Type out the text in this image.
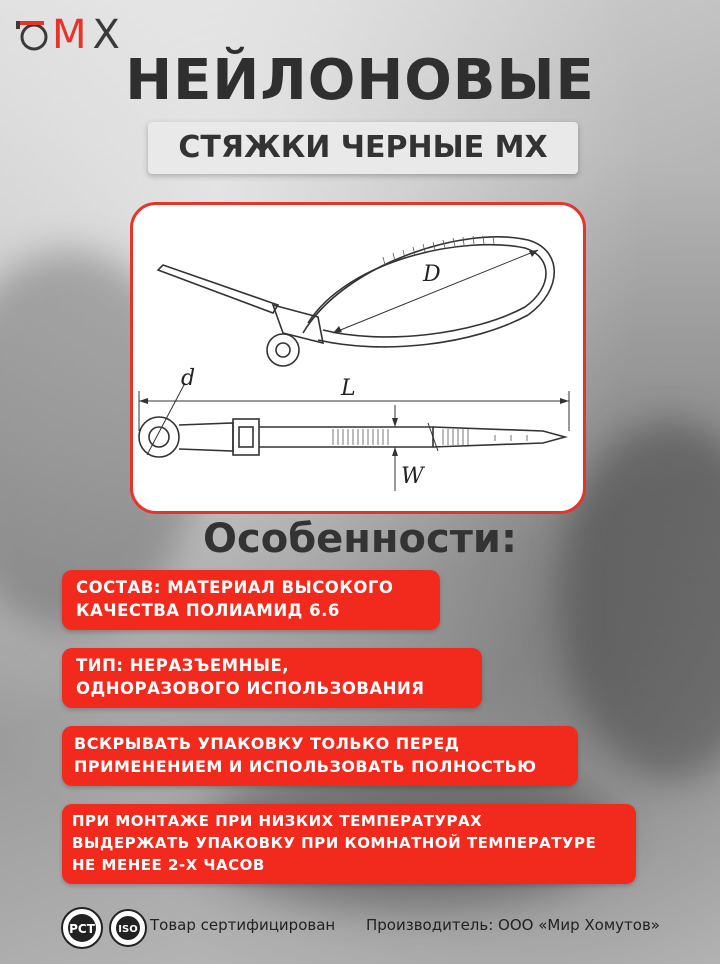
MX
НЕЙЛОНОВЫЕ
СТЯЖКИ ЧЕРНЫЕ МХ
D
d	L
W
Особенности:
СОСТАВ: МАТЕРИАЛ ВЫСОКОГО
КАЧЕСТВА ПОЛИАМИД 6.6
ТИП: НЕРАЗЪЕМНЫЕ,
ОДНОРАЗОВОГО ИСПОЛЬЗОВАНИЯ
ВСКРЫВАТЬ УПАКОВКУ ТОЛЬКО ПЕРЕД
ПРИМЕНЕНИЕМ И ИСПОЛЬЗОВАТЬ ПОЛНОСТЬЮ
ПРИ МОНТАЖЕ ПРИ НИЗКИХ ТЕМПЕРАТУРАХ
ВЫДЕРЖАТЬ УПАКОВКУ ПРИ КОМНАТНОЙ ТЕМПЕРАТУРЕ
НЕ МЕНЕЕ 2-Х ЧАСОВ
РСТ ISO Товар сертифицирован Производитель: ООО «Мир Хомутов»
